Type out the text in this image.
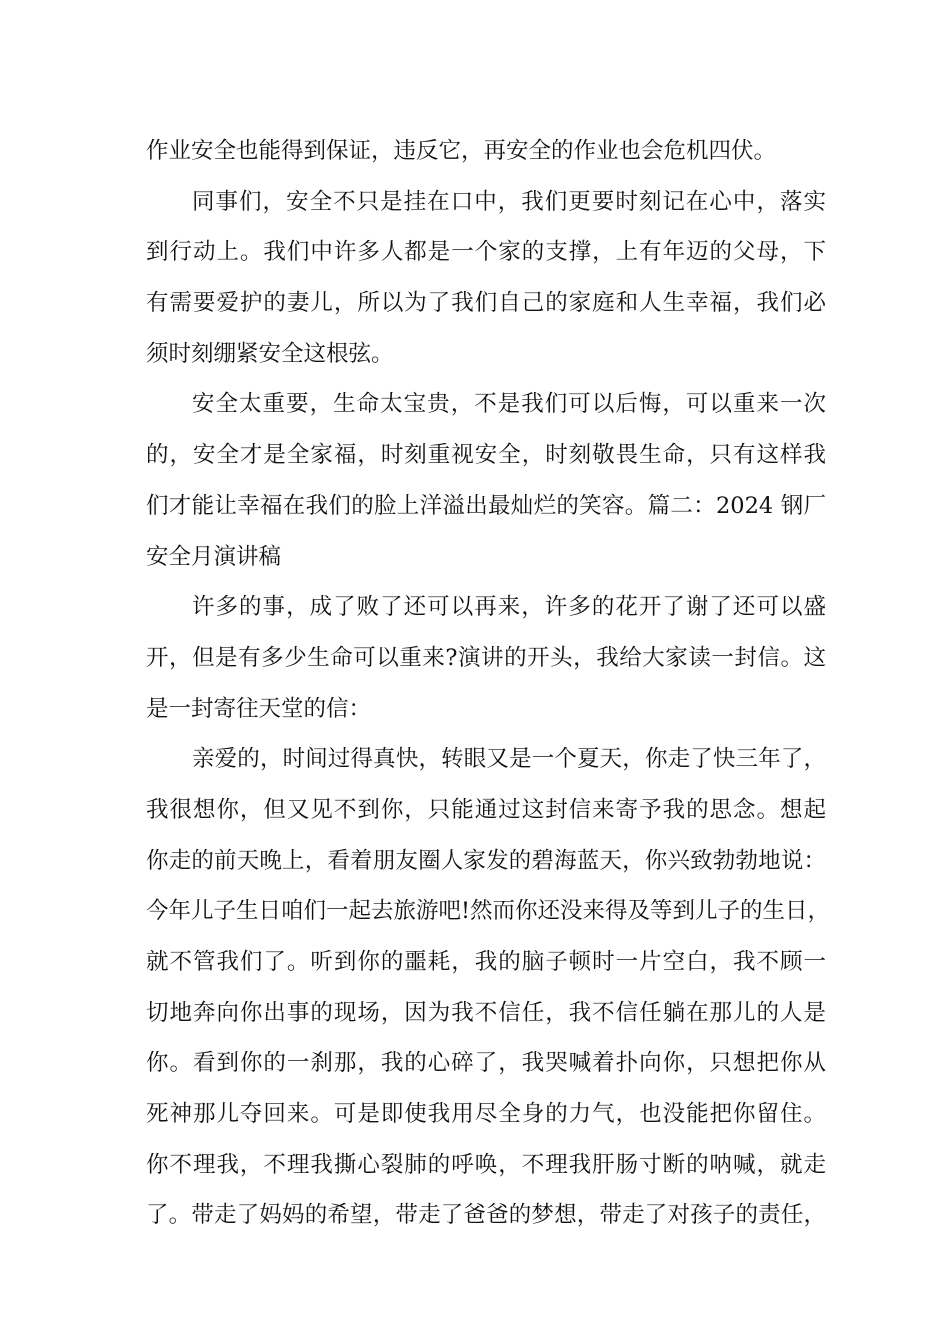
作业安全也能得到保证，违反它，再安全的作业也会危机四伏。
同事们，安全不只是挂在口中，我们更要时刻记在心中，落实
到行动上。我们中许多人都是一个家的支撑，上有年迈的父母，下
有需要爱护的妻儿，所以为了我们自己的家庭和人生幸福，我们必
须时刻绷紧安全这根弦。
安全太重要，生命太宝贵，不是我们可以后悔，可以重来一次
的，安全才是全家福，时刻重视安全，时刻敬畏生命，只有这样我
们才能让幸福在我们的脸上洋溢出最灿烂的笑容。篇二：2024 钢厂
安全月演讲稿
许多的事，成了败了还可以再来，许多的花开了谢了还可以盛
开，但是有多少生命可以重来?演讲的开头，我给大家读一封信。这
是一封寄往天堂的信：
亲爱的，时间过得真快，转眼又是一个夏天，你走了快三年了，
我很想你，但又见不到你，只能通过这封信来寄予我的思念。想起
你走的前天晚上，看着朋友圈人家发的碧海蓝天，你兴致勃勃地说：
今年儿子生日咱们一起去旅游吧!然而你还没来得及等到儿子的生日，
就不管我们了。听到你的噩耗，我的脑子顿时一片空白，我不顾一
切地奔向你出事的现场，因为我不信任，我不信任躺在那儿的人是
你。看到你的一刹那，我的心碎了，我哭喊着扑向你，只想把你从
死神那儿夺回来。可是即使我用尽全身的力气，也没能把你留住。
你不理我，不理我撕心裂肺的呼唤，不理我肝肠寸断的呐喊，就走
了。带走了妈妈的希望，带走了爸爸的梦想，带走了对孩子的责任，
